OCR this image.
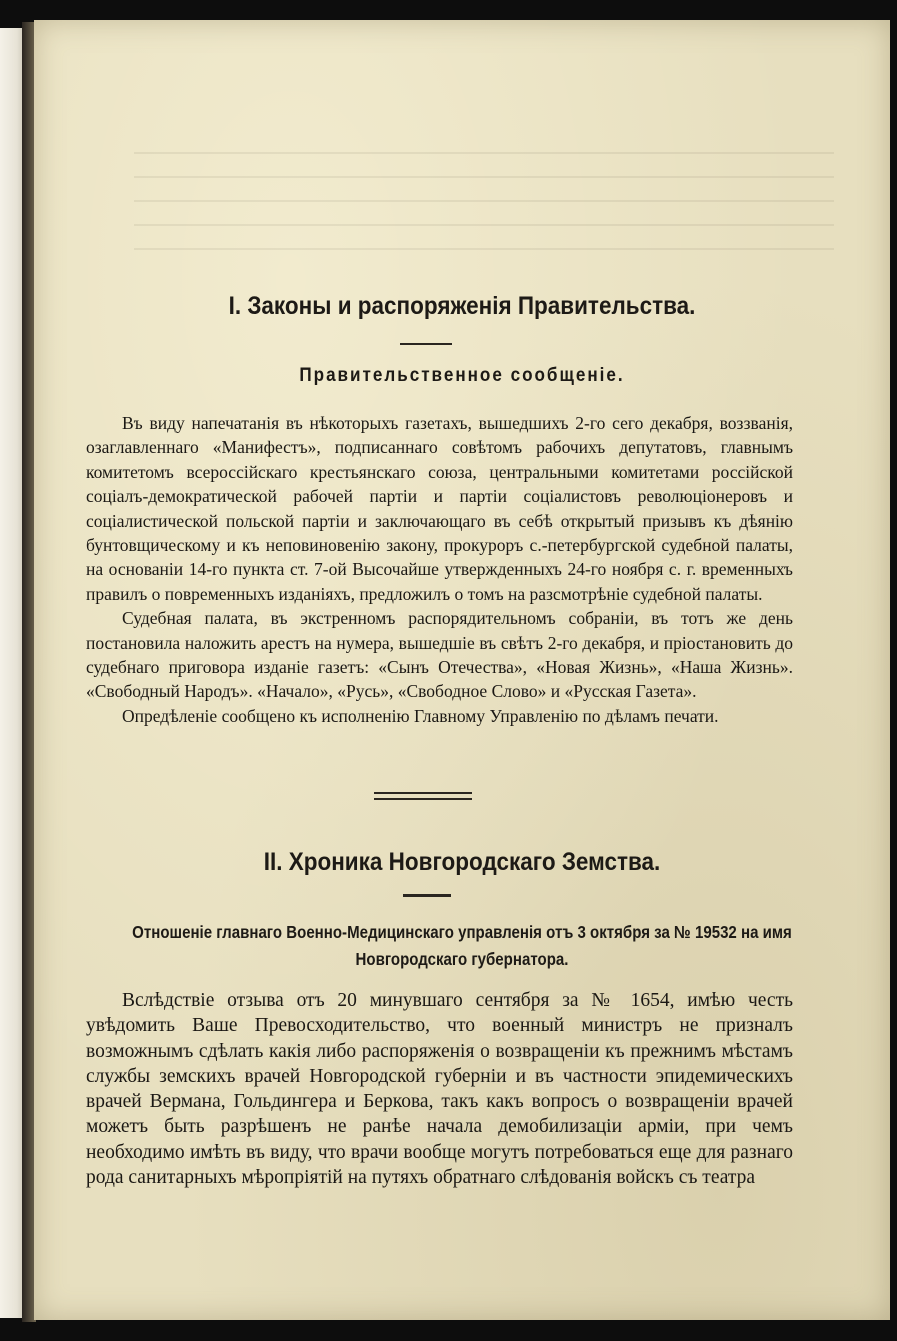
I. Законы и распоряженія Правительства.
Правительственное сообщеніе.

Въ виду напечатанія въ нѣкоторыхъ газетахъ, вышедшихъ 2-го сего декабря, воззванія, озаглавленнаго «Манифестъ», подписаннаго совѣтомъ рабочихъ депутатовъ, главнымъ комитетомъ всероссійскаго крестьянскаго союза, центральными комитетами россійской соціалъ-демократической рабочей партіи и партіи соціалистовъ революціонеровъ и соціалистической польской партіи и заключающаго въ себѣ открытый призывъ къ дѣянію бунтовщическому и къ неповиновенію закону, прокуроръ с.-петербургской судебной палаты, на основаніи 14-го пункта ст. 7-ой Высочайше утвержденныхъ 24-го ноября с. г. временныхъ правилъ о повременныхъ изданіяхъ, предложилъ о томъ на разсмотрѣніе судебной палаты.

Судебная палата, въ экстренномъ распорядительномъ собраніи, въ тотъ же день постановила наложить арестъ на нумера, вышедшіе въ свѣтъ 2-го декабря, и пріостановить до судебнаго приговора изданіе газетъ: «Сынъ Отечества», «Новая Жизнь», «Наша Жизнь». «Свободный Народъ». «Начало», «Русь», «Свободное Слово» и «Русская Газета».

Опредѣленіе сообщено къ исполненію Главному Управленію по дѣламъ печати.

II. Хроника Новгородскаго Земства.
Отношеніе главнаго Военно-Медицинскаго управленія отъ 3 октября за № 19532 на имя
Новгородскаго губернатора.

Вслѣдствіе отзыва отъ 20 минувшаго сентября за № 1654, имѣю честь увѣдомить Ваше Превосходительство, что военный министръ не призналъ возможнымъ сдѣлать какія либо распоряженія о возвращеніи къ прежнимъ мѣстамъ службы земскихъ врачей Новгородской губерніи и въ частности эпидемическихъ врачей Вермана, Гольдингера и Беркова, такъ какъ вопросъ о возвращеніи врачей можетъ быть разрѣшенъ не ранѣе начала демобилизаціи арміи, при чемъ необходимо имѣть въ виду, что врачи вообще могутъ потребоваться еще для разнаго рода санитарныхъ мѣропріятій на путяхъ обратнаго слѣдованія войскъ съ театра
